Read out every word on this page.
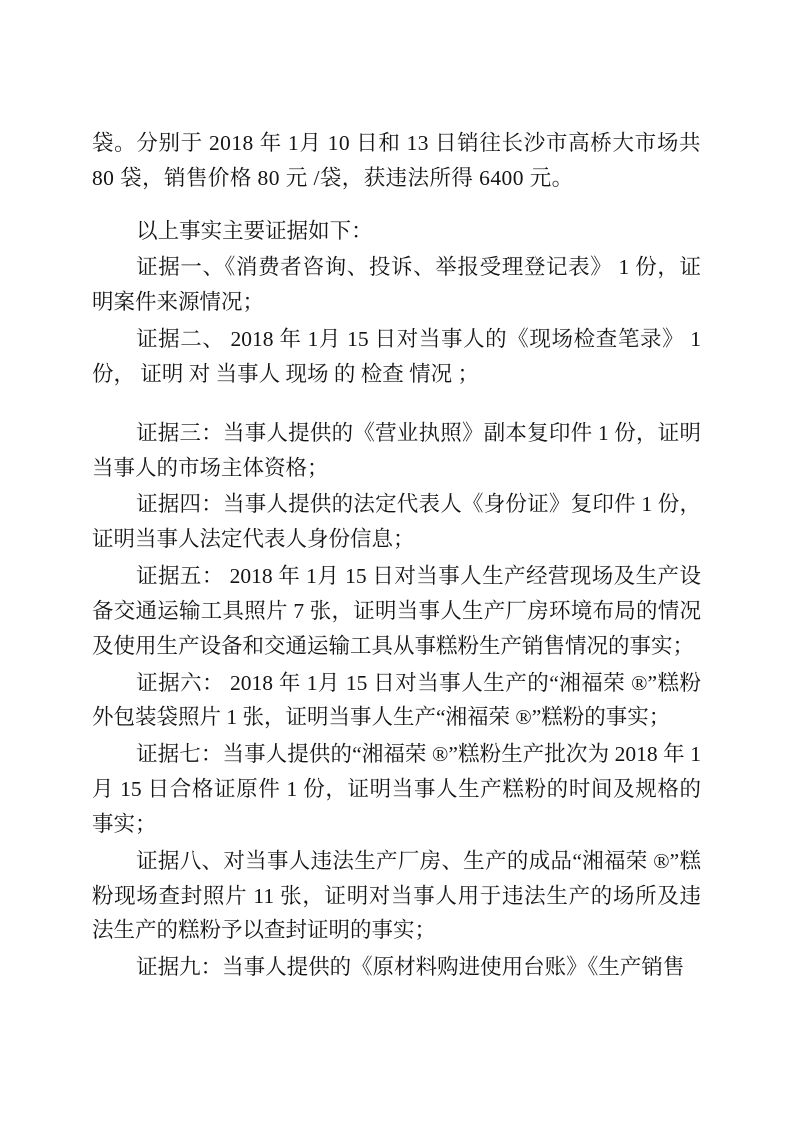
袋。分别于 2018 年 1月 10 日和 13 日销往长沙市高桥大市场共 80 袋，销售价格 80 元 /袋，获违法所得 6400 元。

以上事实主要证据如下：

证据一、《消费者咨询、投诉、举报受理登记表》 1 份，证明案件来源情况；

证据二、 2018 年 1月 15 日对当事人的《现场检查笔录》 1 份， 证明 对 当事人 现场 的 检查 情况 ；

证据三：当事人提供的《营业执照》副本复印件 1 份，证明当事人的市场主体资格；

证据四：当事人提供的法定代表人《身份证》复印件 1 份，证明当事人法定代表人身份信息；

证据五： 2018 年 1月 15 日对当事人生产经营现场及生产设备交通运输工具照片 7 张，证明当事人生产厂房环境布局的情况及使用生产设备和交通运输工具从事糕粉生产销售情况的事实；

证据六： 2018 年 1月 15 日对当事人生产的“湘福荣 ®”糕粉外包装袋照片 1 张，证明当事人生产“湘福荣 ®”糕粉的事实；

证据七：当事人提供的“湘福荣 ®”糕粉生产批次为 2018 年 1月 15 日合格证原件 1 份，证明当事人生产糕粉的时间及规格的事实；

证据八、对当事人违法生产厂房、生产的成品“湘福荣 ®”糕粉现场查封照片 11 张，证明对当事人用于违法生产的场所及违法生产的糕粉予以查封证明的事实；

证据九：当事人提供的《原材料购进使用台账》《生产销售
